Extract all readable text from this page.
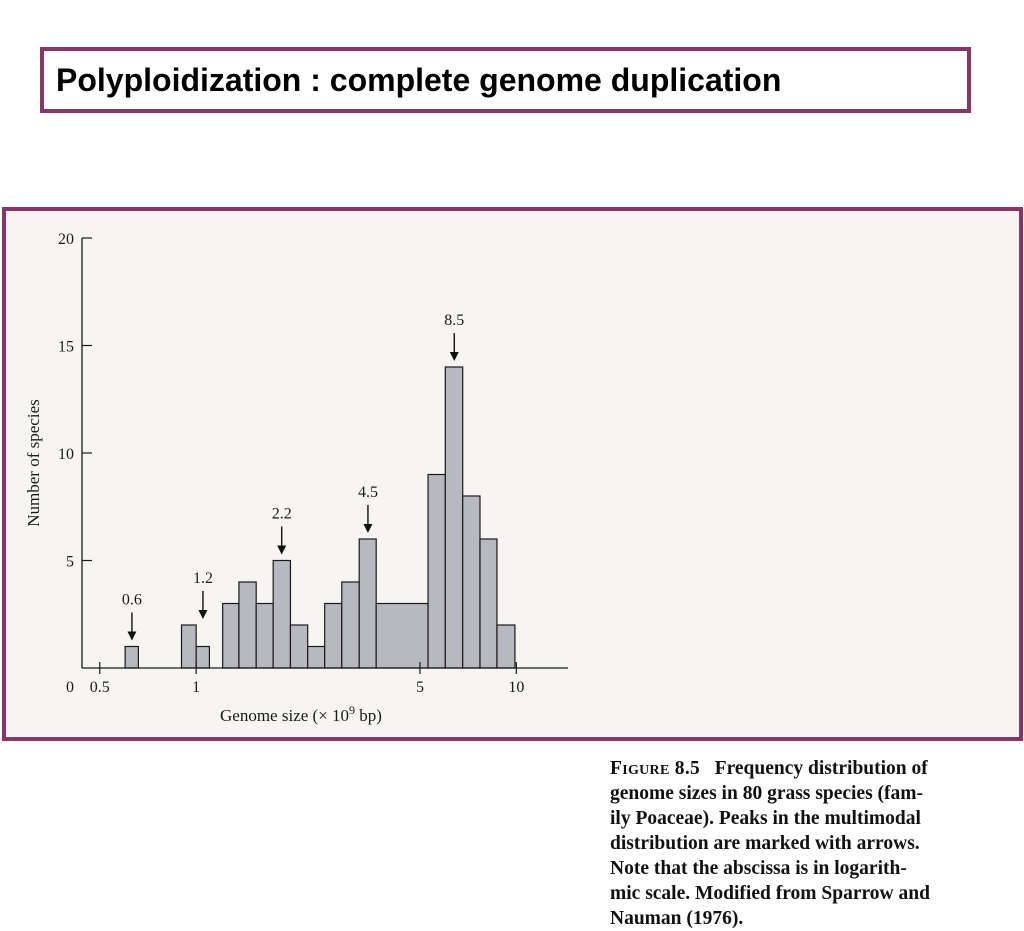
Polyploidization : complete genome duplication
5
10
15
20
0.5	1	5	10
0.6
1.2
2.2
4.5
8.5
0
Genome size (× $10^9$ bp)
Number of species
Figure 8.5 Frequency distribution of
genome sizes in 80 grass species (fam-
ily Poaceae). Peaks in the multimodal
distribution are marked with arrows.
Note that the abscissa is in logarith-
mic scale. Modified from Sparrow and
Nauman (1976).
